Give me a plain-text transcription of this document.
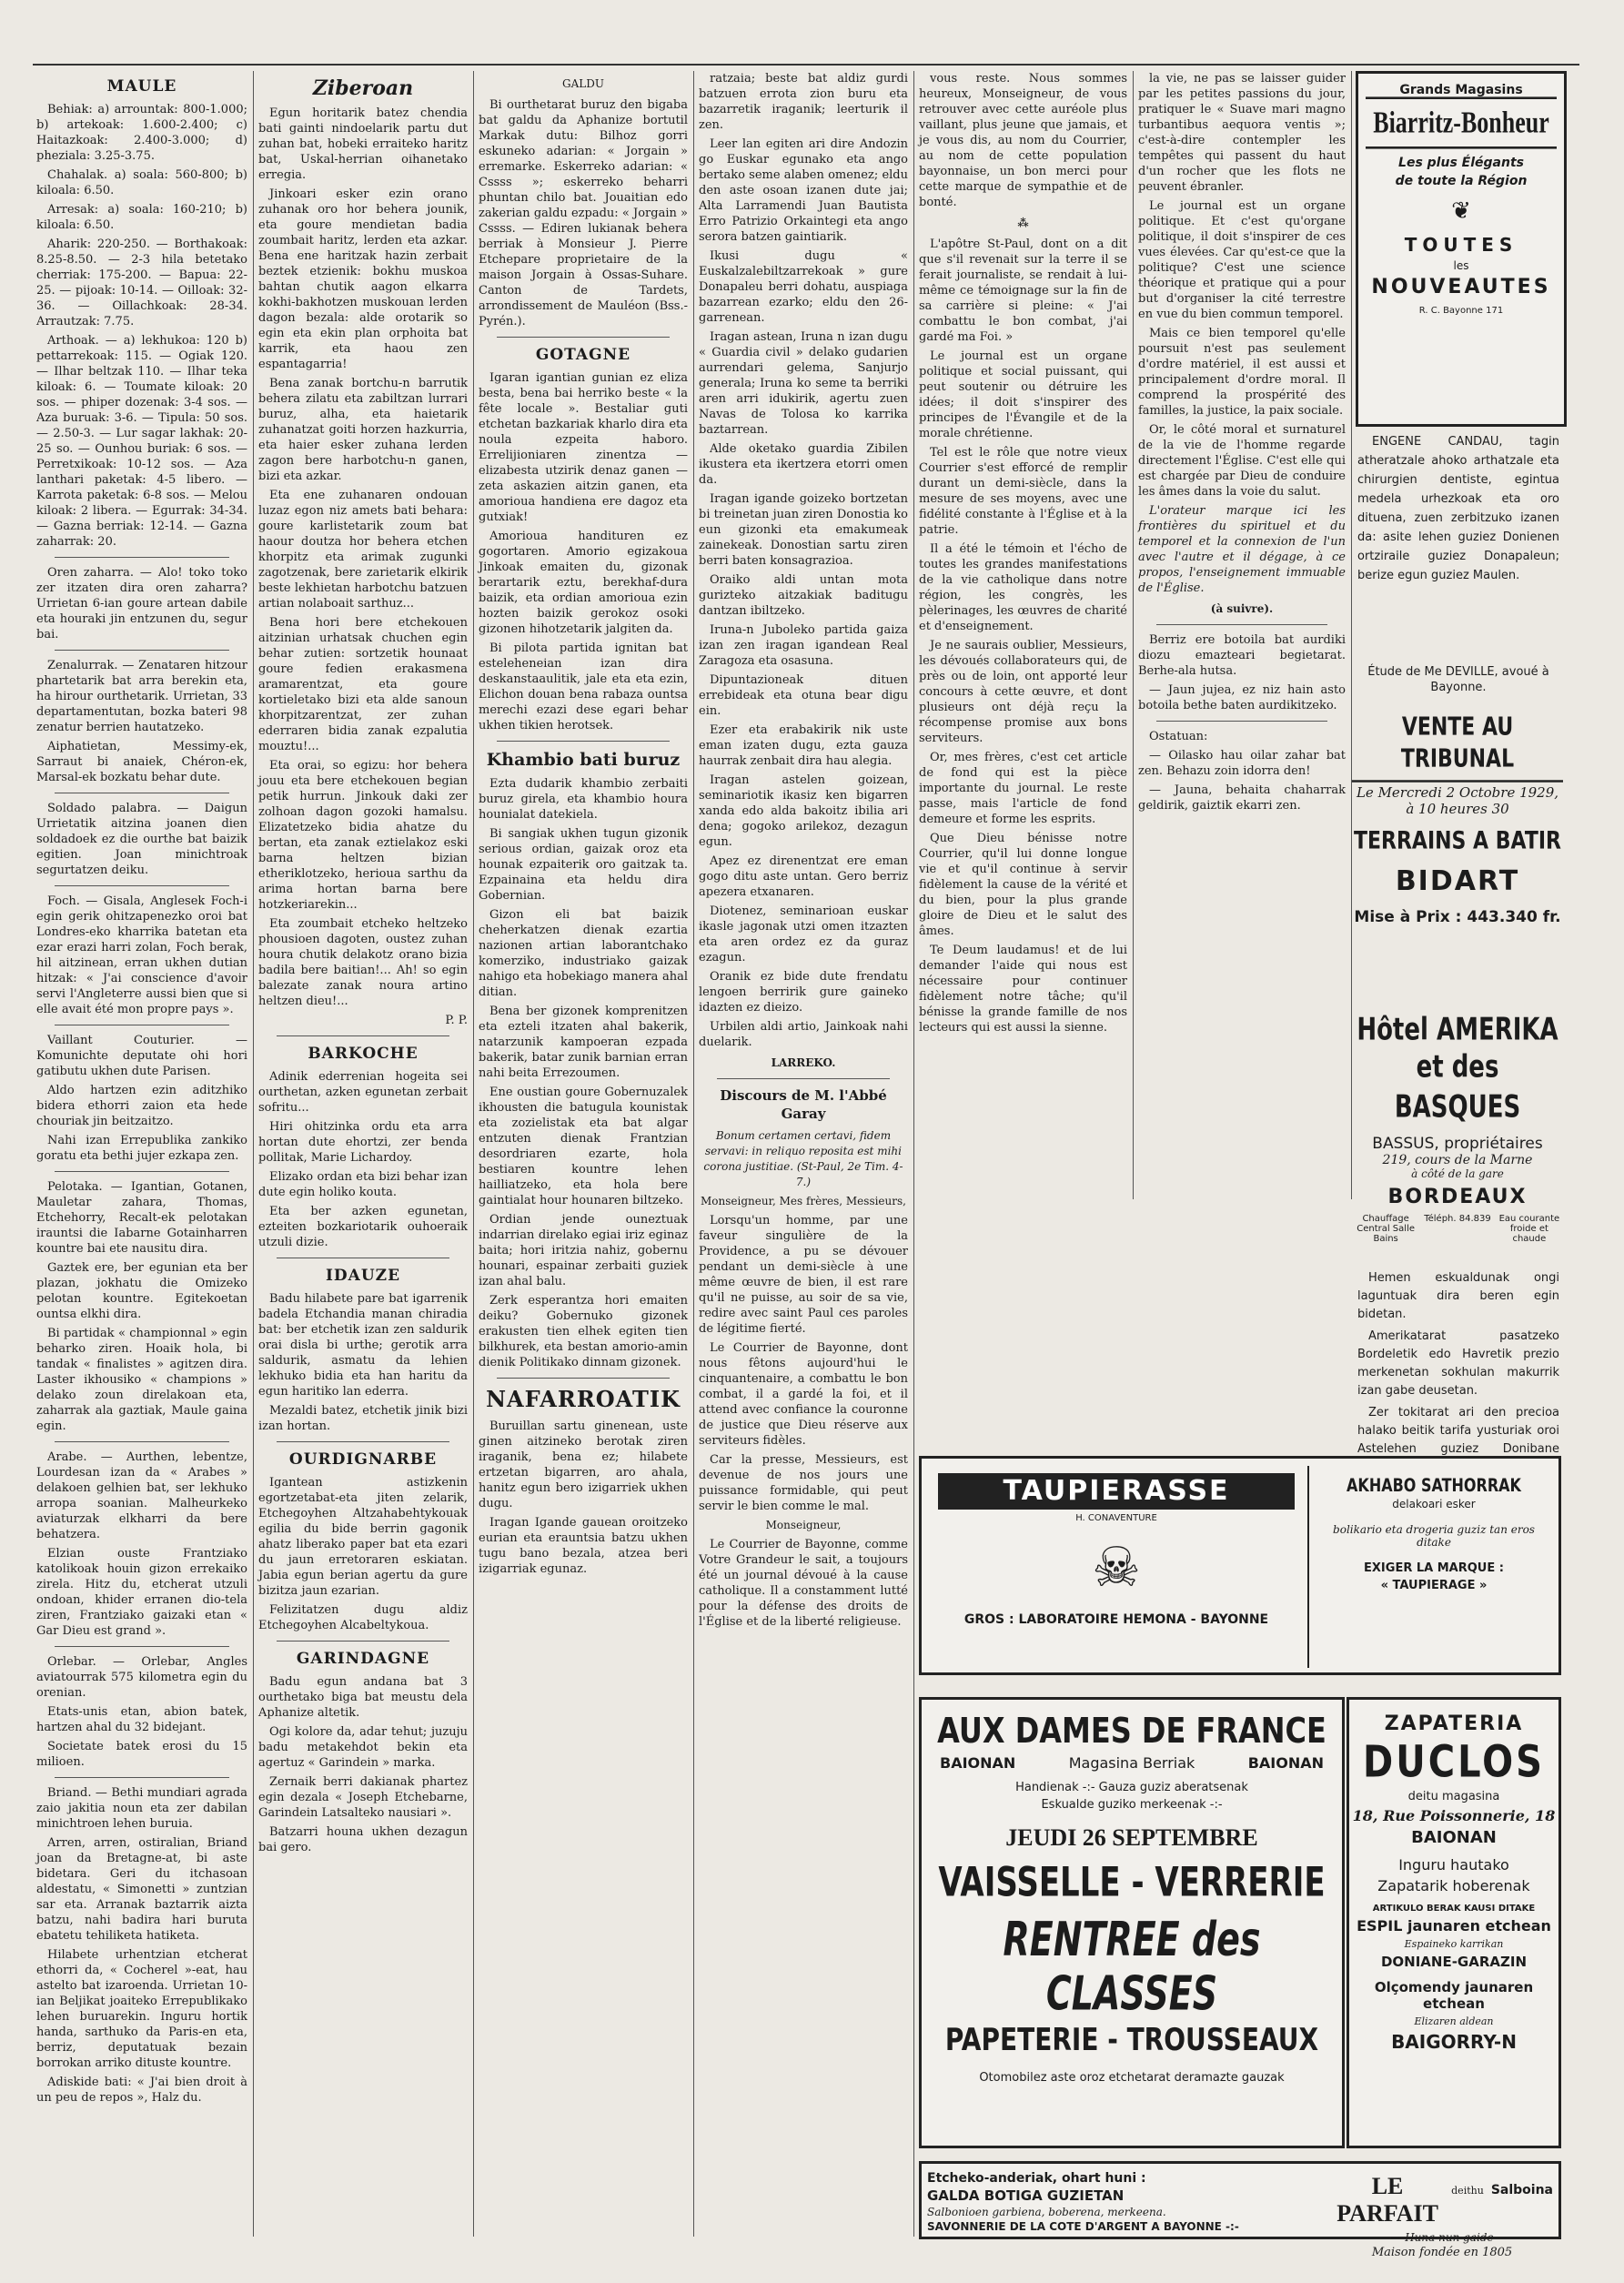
MAULE

Behiak: a) arrountak: 800-1.000; b) artekoak: 1.600-2.400; c) Haitazkoak: 2.400-3.000; d) pheziala: 3.25-3.75.

Chahalak. a) soala: 560-800; b) kiloala: 6.50.

Arresak: a) soala: 160-210; b) kiloala: 6.50.

Aharik: 220-250. — Borthakoak: 8.25-8.50. — 2-3 hila betetako cherriak: 175-200. — Bapua: 22-25. — pijoak: 10-14. — Oilloak: 32-36. — Oillachkoak: 28-34. Arrautzak: 7.75.

Arthoak. — a) lekhukoa: 120 b) pettarrekoak: 115. — Ogiak 120. — Ilhar beltzak 110. — Ilhar teka kiloak: 6. — Toumate kiloak: 20 sos. — phiper dozenak: 3-4 sos. — Aza buruak: 3-6. — Tipula: 50 sos. — 2.50-3. — Lur sagar lakhak: 20-25 so. — Ounhou buriak: 6 sos. — Perretxikoak: 10-12 sos. — Aza lanthari paketak: 4-5 libero. — Karrota paketak: 6-8 sos. — Melou kiloak: 2 libera. — Egurrak: 34-34. — Gazna berriak: 12-14. — Gazna zaharrak: 20.

Oren zaharra. — Alo! toko toko zer itzaten dira oren zaharra? Urrietan 6-ian goure artean dabile eta houraki jin entzunen du, segur bai.

Zenalurrak. — Zenataren hitzour phartetarik bat arra berekin eta, ha hirour ourthetarik. Urrietan, 33 departamentutan, bozka bateri 98 zenatur berrien hautatzeko.

Aiphatietan, Messimy-ek, Sarraut bi anaiek, Chéron-ek, Marsal-ek bozkatu behar dute.

Soldado palabra. — Daigun Urrietatik aitzina joanen dien soldadoek ez die ourthe bat baizik egitien. Joan minichtroak segurtatzen deiku.

Foch. — Gisala, Anglesek Foch-i egin gerik ohitzapenezko oroi bat Londres-eko kharrika batetan eta ezar erazi harri zolan, Foch berak, hil aitzinean, erran ukhen dutian hitzak: « J'ai conscience d'avoir servi l'Angleterre aussi bien que si elle avait été mon propre pays ».

Vaillant Couturier. — Komunichte deputate ohi hori gatibutu ukhen dute Parisen.

Aldo hartzen ezin aditzhiko bidera ethorri zaion eta hede chouriak jin beitzaitzo.

Nahi izan Errepublika zankiko goratu eta bethi jujer ezkapa zen.

Pelotaka. — Igantian, Gotanen, Mauletar zahara, Thomas, Etchehorry, Recalt-ek pelotakan irauntsi die Iabarne Gotainharren kountre bai ete nausitu dira.

Gaztek ere, ber egunian eta ber plazan, jokhatu die Omizeko pelotan kountre. Egitekoetan ountsa elkhi dira.

Bi partidak « championnal » egin beharko ziren. Hoaik hola, bi tandak « finalistes » agitzen dira. Laster ikhousiko « champions » delako zoun direlakoan eta, zaharrak ala gaztiak, Maule gaina egin.

Arabe. — Aurthen, lebentze, Lourdesan izan da « Arabes » delakoen gelhien bat, ser lekhuko arropa soanian. Malheurkeko aviaturzak elkharri da bere behatzera.

Elzian ouste Frantziako katolikoak houin gizon errekaiko zirela. Hitz du, etcherat utzuli ondoan, khider erranen dio-tela ziren, Frantziako gaizaki etan « Gar Dieu est grand ».

Orlebar. — Orlebar, Angles aviatourrak 575 kilometra egin du orenian.

Etats-unis etan, abion batek, hartzen ahal du 32 bidejant.

Societate batek erosi du 15 milioen.

Briand. — Bethi mundiari agrada zaio jakitia noun eta zer dabilan minichtroen lehen buruia.

Arren, arren, ostiralian, Briand joan da Bretagne-at, bi aste bidetara. Geri du itchasoan aldestatu, « Simonetti » zuntzian sar eta. Arranak baztarrik aizta batzu, nahi badira hari buruta ebatetu tehiliketa hatiketa.

Hilabete urhentzian etcherat ethorri da, « Cocherel »-eat, hau astelto bat izaroenda. Urrietan 10-ian Beljikat joaiteko Errepublikako lehen buruarekin. Inguru hortik handa, sarthuko da Paris-en eta, berriz, deputatuak bezain borrokan arriko dituste kountre.

Adiskide bati: « J'ai bien droit à un peu de repos », Halz du.

Ziberoan

Egun horitarik batez chendia bati gainti nindoelarik partu dut zuhan bat, hobeki erraiteko haritz bat, Uskal-herrian oihanetako erregia.

Jinkoari esker ezin orano zuhanak oro hor behera jounik, eta goure mendietan badia zoumbait haritz, lerden eta azkar. Bena ene haritzak hazin zerbait beztek etzienik: bokhu muskoa bahtan chutik aagon elkarra kokhi-bakhotzen muskouan lerden dagon bezala: alde orotarik so egin eta ekin plan orphoita bat karrik, eta haou zen espantagarria!

Bena zanak bortchu-n barrutik behera zilatu eta zabiltzan lurrari buruz, alha, eta haietarik zuhanatzat goiti horzen hazkurria, eta haier esker zuhana lerden zagon bere harbotchu-n ganen, bizi eta azkar.

Eta ene zuhanaren ondouan luzaz egon niz amets bati behara: goure karlistetarik zoum bat haour doutza hor behera etchen khorpitz eta arimak zugunki zagotzenak, bere zarietarik elkirik beste lekhietan harbotchu batzuen artian nolaboait sarthuz...

Bena hori bere etchekouen aitzinian urhatsak chuchen egin behar zutien: sortzetik hounaat goure fedien erakasmena aramarentzat, eta goure kortieletako bizi eta alde sanoun khorpitzarentzat, zer zuhan ederraren bidia zanak ezpalutia mouztu!...

Eta orai, so egizu: hor behera jouu eta bere etchekouen begian petik hurrun. Jinkouk daki zer zolhoan dagon gozoki hamalsu. Elizatetzeko bidia ahatze du bertan, eta zanak eztielakoz eski barna heltzen bizian etheriklotzeko, herioua sarthu da arima hortan barna bere hotzkeriarekin...

Eta zoumbait etcheko heltzeko phousioen dagoten, oustez zuhan houra chutik delakotz orano bizia badila bere baitian!... Ah! so egin balezate zanak noura artino heltzen dieu!...

P. P.

BARKOCHE

Adinik ederrenian hogeita sei ourthetan, azken egunetan zerbait sofritu...

Hiri ohitzinka ordu eta arra hortan dute ehortzi, zer benda pollitak, Marie Lichardoy.

Elizako ordan eta bizi behar izan dute egin holiko kouta.

Eta ber azken egunetan, ezteiten bozkariotarik ouhoeraik utzuli dizie.

IDAUZE

Badu hilabete pare bat igarrenik badela Etchandia manan chiradia bat: ber etchetik izan zen saldurik orai disla bi urthe; gerotik arra saldurik, asmatu da lehien lekhuko bidia eta han haritu da egun haritiko lan ederra.

Mezaldi batez, etchetik jinik bizi izan hortan.

OURDIGNARBE

Igantean astizkenin egortzetabat-eta jiten zelarik, Etchegoyhen Altzahabehtykouak egilia du bide berrin gagonik ahatz liberako paper bat eta ezari du jaun erretoraren eskiatan. Jabia egun berian agertu da gure bizitza jaun ezarian.

Felizitatzen dugu aldiz Etchegoyhen Alcabeltykoua.

GARINDAGNE

Badu egun andana bat 3 ourthetako biga bat meustu dela Aphanize altetik.

Ogi kolore da, adar tehut; juzuju badu metakehdot bekin eta agertuz « Garindein » marka.

Zernaik berri dakianak phartez egin dezala « Joseph Etchebarne, Garindein Latsalteko nausiari ».

Batzarri houna ukhen dezagun bai gero.

GALDU

Bi ourthetarat buruz den bigaba bat galdu da Aphanize bortutil Markak dutu: Bilhoz gorri eskuneko adarian: « Jorgain » erremarke. Eskerreko adarian: « Cssss »; eskerreko beharri phuntan chilo bat. Jouaitian edo zakerian galdu ezpadu: « Jorgain » Cssss. — Ediren lukianak behera berriak à Monsieur J. Pierre Etchepare proprietaire de la maison Jorgain à Ossas-Suhare. Canton de Tardets, arrondissement de Mauléon (Bss.-Pyrén.).

GOTAGNE

Igaran igantian gunian ez eliza besta, bena bai herriko beste « la fête locale ». Bestaliar guti etchetan bazkariak kharlo dira eta noula ezpeita haboro. Errelijioniaren zinentza — elizabesta utzirik denaz ganen — zeta askazien aitzin ganen, eta amorioua handiena ere dagoz eta gutxiak!

Amorioua handituren ez gogortaren. Amorio egizakoua Jinkoak emaiten du, gizonak berartarik eztu, berekhaf-dura baizik, eta ordian amorioua ezin hozten baizik gerokoz osoki gizonen hihotzetarik jalgiten da.

Bi pilota partida ignitan bat esteleheneian izan dira deskanstaaulitik, jale eta eta ezin, Elichon douan bena rabaza ountsa merechi ezazi dese egari behar ukhen tikien herotsek.

Khambio bati buruz

Ezta dudarik khambio zerbaiti buruz girela, eta khambio houra hounialat datekiela.

Bi sangiak ukhen tugun gizonik serious ordian, gaizak oroz eta hounak ezpaiterik oro gaitzak ta. Ezpainaina eta heldu dira Gobernian.

Gizon eli bat baizik cheherkatzen dienak ezartia nazionen artian laborantchako komerziko, industriako gaizak nahigo eta hobekiago manera ahal ditian.

Bena ber gizonek komprenitzen eta ezteli itzaten ahal bakerik, natarzunik kampoeran ezpada bakerik, batar zunik barnian erran nahi beita Errezoumen.

Ene oustian goure Gobernuzalek ikhousten die batugula kounistak eta zozielistak eta bat algar entzuten dienak Frantzian desordriaren ezarte, hola bestiaren kountre lehen hailliatzeko, eta hola bere gaintialat hour hounaren biltzeko.

Ordian jende ouneztuak indarrian direlako egiai iriz eginaz baita; hori iritzia nahiz, gobernu hounari, espainar zerbaiti guziek izan ahal balu.

Zerk esperantza hori emaiten deiku? Gobernuko gizonek erakusten tien elhek egiten tien bilkhurek, eta bestan amorio-amin dienik Politikako dinnam gizonek.

NAFARROATIK

Buruillan sartu ginenean, uste ginen aitzineko berotak ziren iraganik, bena ez; hilabete ertzetan bigarren, aro ahala, hanitz egun bero izigarriek ukhen dugu.

Iragan Igande gauean oroitzeko eurian eta erauntsia batzu ukhen tugu bano bezala, atzea beri izigarriak egunaz.

ratzaia; beste bat aldiz gurdi batzuen errota zion buru eta bazarretik iraganik; leerturik il zen.

Leer lan egiten ari dire Andozin go Euskar egunako eta ango bertako seme alaben omenez; eldu den aste osoan izanen dute jai; Alta Larramendi Juan Bautista Erro Patrizio Orkaintegi eta ango serora batzen gaintiarik.

Ikusi dugu « Euskalzalebiltzarrekoak » gure Donapaleu berri dohatu, auspiaga bazarrean ezarko; eldu den 26-garrenean.

Iragan astean, Iruna n izan dugu « Guardia civil » delako gudarien aurrendari gelema, Sanjurjo generala; Iruna ko seme ta berriki aren arri idukirik, agertu zuen Navas de Tolosa ko karrika baztarrean.

Alde oketako guardia Zibilen ikustera eta ikertzera etorri omen da.

Iragan igande goizeko bortzetan bi treinetan juan ziren Donostia ko eun gizonki eta emakumeak zainekeak. Donostian sartu ziren berri baten konsagrazioa.

Oraiko aldi untan mota gurizteko aitzakiak baditugu dantzan ibiltzeko.

Iruna-n Juboleko partida gaiza izan zen iragan igandean Real Zaragoza eta osasuna.

Dipuntazioneak dituen errebideak eta otuna bear digu ein.

Ezer eta erabakirik nik uste eman izaten dugu, ezta gauza haurrak zenbait dira hau alegia.

Iragan astelen goizean, seminariotik ikasiz ken bigarren xanda edo alda bakoitz ibilia ari dena; gogoko arilekoz, dezagun egun.

Apez ez direnentzat ere eman gogo ditu aste untan. Gero berriz apezera etxanaren.

Diotenez, seminarioan euskar ikasle jagonak utzi omen itzazten eta aren ordez ez da guraz ezagun.

Oranik ez bide dute frendatu lengoen berririk gure gaineko idazten ez dieizo.

Urbilen aldi artio, Jainkoak nahi duelarik.

LARREKO.
Discours de M. l'Abbé Garay

Bonum certamen certavi, fidem servavi: in reliquo reposita est mihi corona justitiae. (St-Paul, 2e Tim. 4-7.)

Monseigneur, Mes frères, Messieurs,

Lorsqu'un homme, par une faveur singulière de la Providence, a pu se dévouer pendant un demi-siècle à une même œuvre de bien, il est rare qu'il ne puisse, au soir de sa vie, redire avec saint Paul ces paroles de légitime fierté.

Le Courrier de Bayonne, dont nous fêtons aujourd'hui le cinquantenaire, a combattu le bon combat, il a gardé la foi, et il attend avec confiance la couronne de justice que Dieu réserve aux serviteurs fidèles.

Car la presse, Messieurs, est devenue de nos jours une puissance formidable, qui peut servir le bien comme le mal.

Monseigneur,

Le Courrier de Bayonne, comme Votre Grandeur le sait, a toujours été un journal dévoué à la cause catholique. Il a constamment lutté pour la défense des droits de l'Église et de la liberté religieuse.

vous reste. Nous sommes heureux, Monseigneur, de vous retrouver avec cette auréole plus vaillant, plus jeune que jamais, et je vous dis, au nom du Courrier, au nom de cette population bayonnaise, un bon merci pour cette marque de sympathie et de bonté.

⁂

L'apôtre St-Paul, dont on a dit que s'il revenait sur la terre il se ferait journaliste, se rendait à lui-même ce témoignage sur la fin de sa carrière si pleine: « J'ai combattu le bon combat, j'ai gardé ma Foi. »

Le journal est un organe politique et social puissant, qui peut soutenir ou détruire les idées; il doit s'inspirer des principes de l'Évangile et de la morale chrétienne.

Tel est le rôle que notre vieux Courrier s'est efforcé de remplir durant un demi-siècle, dans la mesure de ses moyens, avec une fidélité constante à l'Église et à la patrie.

Il a été le témoin et l'écho de toutes les grandes manifestations de la vie catholique dans notre région, les congrès, les pèlerinages, les œuvres de charité et d'enseignement.

Je ne saurais oublier, Messieurs, les dévoués collaborateurs qui, de près ou de loin, ont apporté leur concours à cette œuvre, et dont plusieurs ont déjà reçu la récompense promise aux bons serviteurs.

Or, mes frères, c'est cet article de fond qui est la pièce importante du journal. Le reste passe, mais l'article de fond demeure et forme les esprits.

Que Dieu bénisse notre Courrier, qu'il lui donne longue vie et qu'il continue à servir fidèlement la cause de la vérité et du bien, pour la plus grande gloire de Dieu et le salut des âmes.

Te Deum laudamus! et de lui demander l'aide qui nous est nécessaire pour continuer fidèlement notre tâche; qu'il bénisse la grande famille de nos lecteurs qui est aussi la sienne.

la vie, ne pas se laisser guider par les petites passions du jour, pratiquer le « Suave mari magno turbantibus aequora ventis »; c'est-à-dire contempler les tempêtes qui passent du haut d'un rocher que les flots ne peuvent ébranler.

Le journal est un organe politique. Et c'est qu'organe politique, il doit s'inspirer de ces vues élevées. Car qu'est-ce que la politique? C'est une science théorique et pratique qui a pour but d'organiser la cité terrestre en vue du bien commun temporel.

Mais ce bien temporel qu'elle poursuit n'est pas seulement d'ordre matériel, il est aussi et principalement d'ordre moral. Il comprend la prospérité des familles, la justice, la paix sociale.

Or, le côté moral et surnaturel de la vie de l'homme regarde directement l'Église. C'est elle qui est chargée par Dieu de conduire les âmes dans la voie du salut.

L'orateur marque ici les frontières du spirituel et du temporel et la connexion de l'un avec l'autre et il dégage, à ce propos, l'enseignement immuable de l'Église.

(à suivre).

Berriz ere botoila bat aurdiki diozu emazteari begietarat. Berhe-ala hutsa.

— Jaun jujea, ez niz hain asto botoila bethe baten aurdikitzeko.

Ostatuan:

— Oilasko hau oilar zahar bat zen. Behazu zoin idorra den!

— Jauna, behaita chaharrak geldirik, gaiztik ekarri zen.

Grands Magasins
Biarritz-Bonheur
Les plus Élégants
de toute la Région
❦
TOUTES
les
NOUVEAUTES
R. C. Bayonne 171

ENGENE CANDAU, tagin atheratzale ahoko arthatzale eta chirurgien dentiste, egintua medela urhezkoak eta oro dituena, zuen zerbitzuko izanen da: asite lehen guziez Donienen ortziraile guziez Donapaleun; berize egun guziez Maulen.

Étude de Me DEVILLE, avoué à Bayonne.

VENTE AU TRIBUNAL
Le Mercredi 2 Octobre 1929,
à 10 heures 30
TERRAINS A BATIR
BIDART
Mise à Prix : 443.340 fr.
Hôtel AMERIKA
et des BASQUES
BASSUS, propriétaires
219, cours de la Marne
à côté de la gare
BORDEAUX
Chauffage Central Salle Bains
Téléph. 84.839 Eau courante froide et chaude

Hemen eskualdunak ongi laguntuak dira beren egin bidetan.

Amerikatarat pasatzeko Bordeletik edo Havretik prezio merkenetan sokhulan makurrik izan gabe deusetan.

Zer tokitarat ari den precioa halako beitik tarifa yusturiak oroi Astelehen guziez Donibane

TAUPIERASSE
H. CONAVENTURE
☠
GROS : LABORATOIRE HEMONA - BAYONNE
AKHABO SATHORRAK
delakoari esker
bolikario eta drogeria guziz tan eros ditake
EXIGER LA MARQUE :
« TAUPIERAGE »
AUX DAMES DE FRANCE
BAIONAN	Magasina Berriak	BAIONAN
Handienak -:- Gauza guziz aberatsenak
Eskualde guziko merkeenak -:-
JEUDI 26 SEPTEMBRE
VAISSELLE - VERRERIE
RENTREE des CLASSES
PAPETERIE - TROUSSEAUX
Otomobilez aste oroz etchetarat deramazte gauzak
ZAPATERIA
DUCLOS
deitu magasina
18, Rue Poissonnerie, 18
BAIONAN
Inguru hautako
Zapatarik hoberenak
ARTIKULO BERAK KAUSI DITAKE
ESPIL jaunaren etchean
Espaineko karrikan
DONIANE-GARAZIN
Olçomendy jaunaren etchean
Elizaren aldean
BAIGORRY-N
Etcheko-anderiak, ohart huni :
GALDA BOTIGA GUZIETAN
Salbonioen garbiena, boberena, merkeena.
SAVONNERIE DE LA COTE D'ARGENT A BAYONNE -:-
LE PARFAIT
deithu Salboina
— Huna nun gaide
Maison fondée en 1805
